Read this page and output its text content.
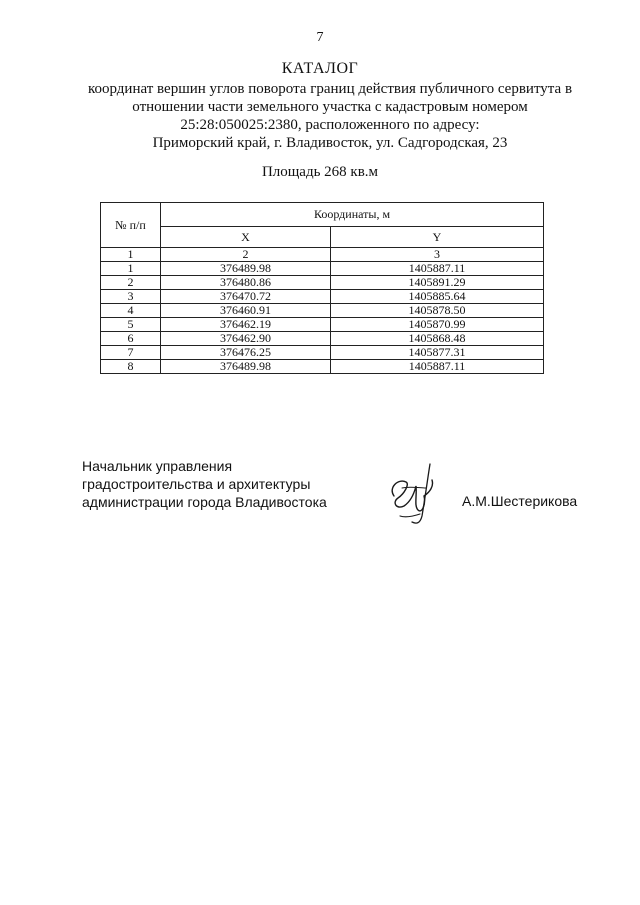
7
КАТАЛОГ
координат вершин углов поворота границ действия публичного сервитута в
отношении части земельного участка с кадастровым номером
25:28:050025:2380, расположенного по адресу:
Приморский край, г. Владивосток, ул. Садгородская, 23
Площадь 268 кв.м
№ п/п	Координаты, м	
	X	Y
1	2	3
1	376489.98	1405887.11
2	376480.86	1405891.29
3	376470.72	1405885.64
4	376460.91	1405878.50
5	376462.19	1405870.99
6	376462.90	1405868.48
7	376476.25	1405877.31
8	376489.98	1405887.11
Начальник управления
градостроительства и архитектуры
администрации города Владивостока	А.М.Шестерикова
